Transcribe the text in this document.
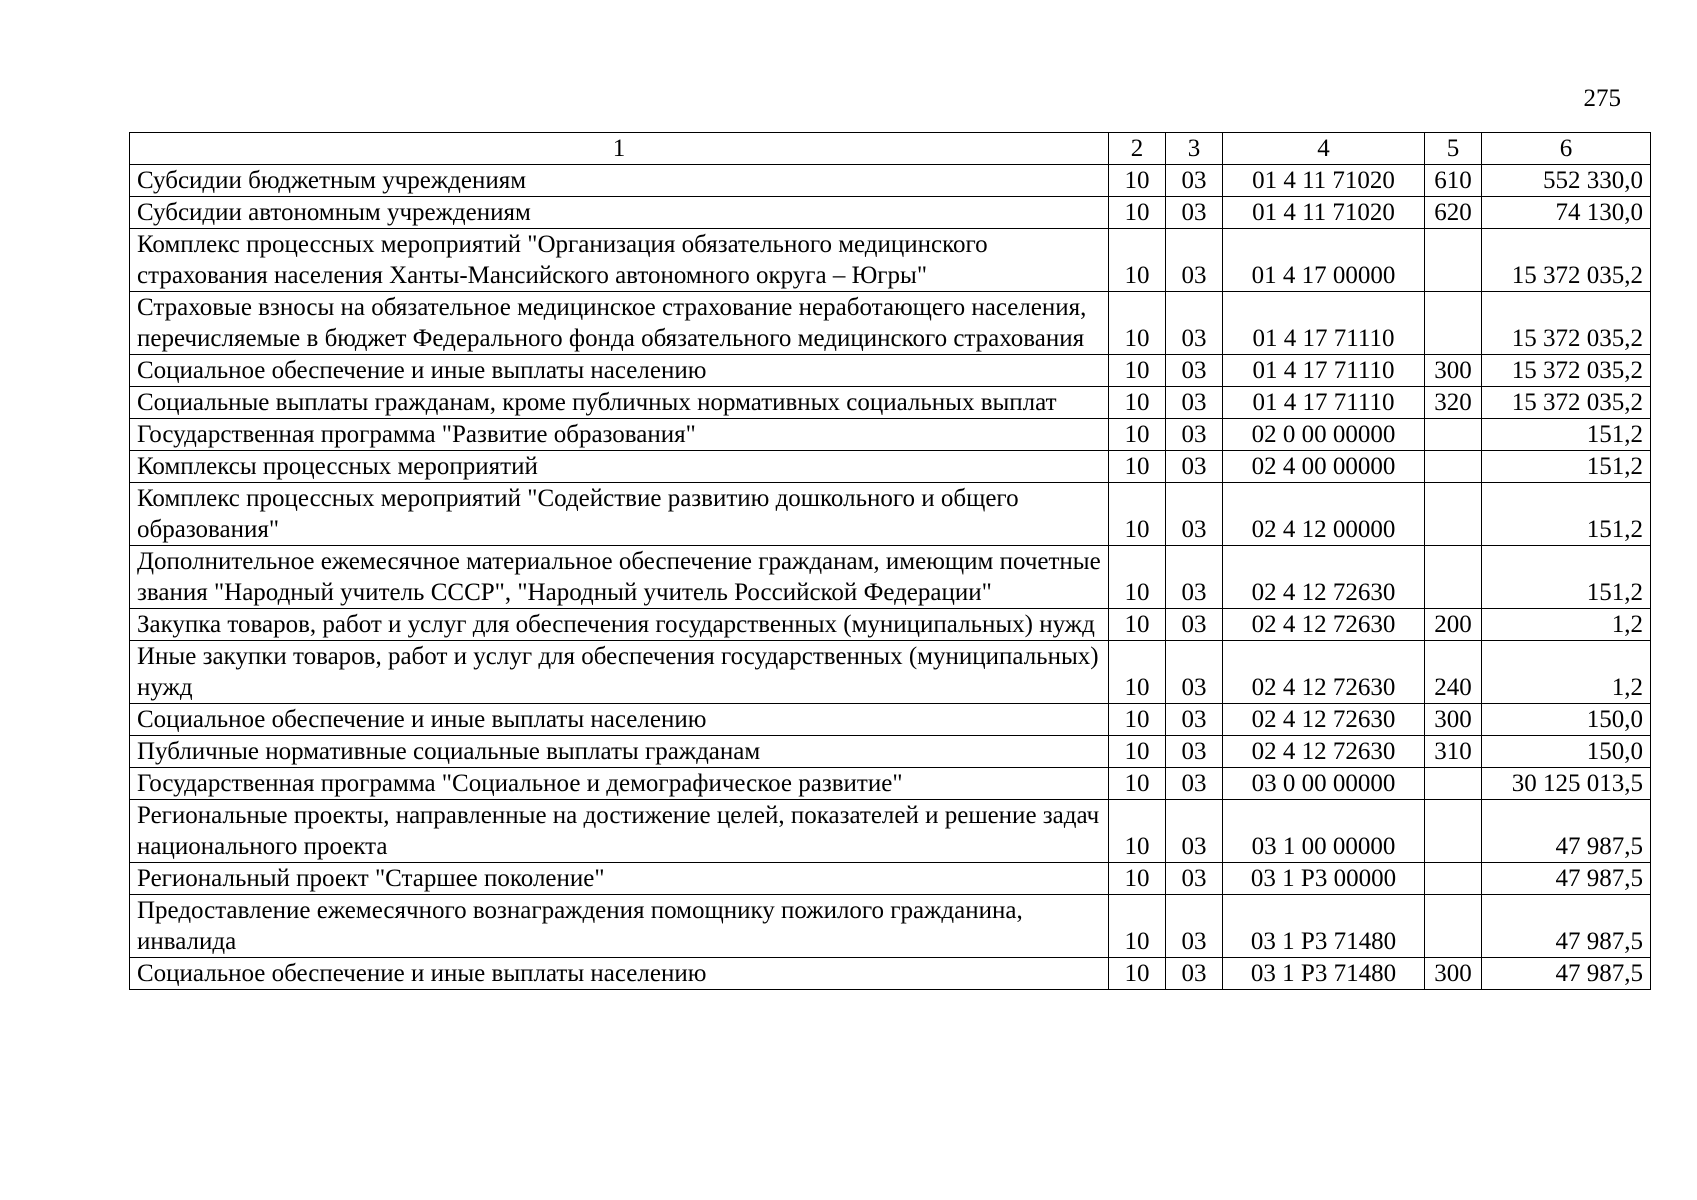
275
1	2	3	4	5	6
Субсидии бюджетным учреждениям	10	03	01 4 11 71020	610	552 330,0
Субсидии автономным учреждениям	10	03	01 4 11 71020	620	74 130,0
Комплекс процессных мероприятий "Организация обязательного медицинского страхования населения Ханты-Мансийского автономного округа – Югры"	10	03	01 4 17 00000		15 372 035,2
Страховые взносы на обязательное медицинское страхование неработающего населения, перечисляемые в бюджет Федерального фонда обязательного медицинского страхования	10	03	01 4 17 71110		15 372 035,2
Социальное обеспечение и иные выплаты населению	10	03	01 4 17 71110	300	15 372 035,2
Социальные выплаты гражданам, кроме публичных нормативных социальных выплат	10	03	01 4 17 71110	320	15 372 035,2
Государственная программа "Развитие образования"	10	03	02 0 00 00000		151,2
Комплексы процессных мероприятий	10	03	02 4 00 00000		151,2
Комплекс процессных мероприятий "Содействие развитию дошкольного и общего образования"	10	03	02 4 12 00000		151,2
Дополнительное ежемесячное материальное обеспечение гражданам, имеющим почетные звания "Народный учитель СССР", "Народный учитель Российской Федерации"	10	03	02 4 12 72630		151,2
Закупка товаров, работ и услуг для обеспечения государственных (муниципальных) нужд	10	03	02 4 12 72630	200	1,2
Иные закупки товаров, работ и услуг для обеспечения государственных (муниципальных) нужд	10	03	02 4 12 72630	240	1,2
Социальное обеспечение и иные выплаты населению	10	03	02 4 12 72630	300	150,0
Публичные нормативные социальные выплаты гражданам	10	03	02 4 12 72630	310	150,0
Государственная программа "Социальное и демографическое развитие"	10	03	03 0 00 00000		30 125 013,5
Региональные проекты, направленные на достижение целей, показателей и решение задач национального проекта	10	03	03 1 00 00000		47 987,5
Региональный проект "Старшее поколение"	10	03	03 1 P3 00000		47 987,5
Предоставление ежемесячного вознаграждения помощнику пожилого гражданина, инвалида	10	03	03 1 P3 71480		47 987,5
Социальное обеспечение и иные выплаты населению	10	03	03 1 P3 71480	300	47 987,5
